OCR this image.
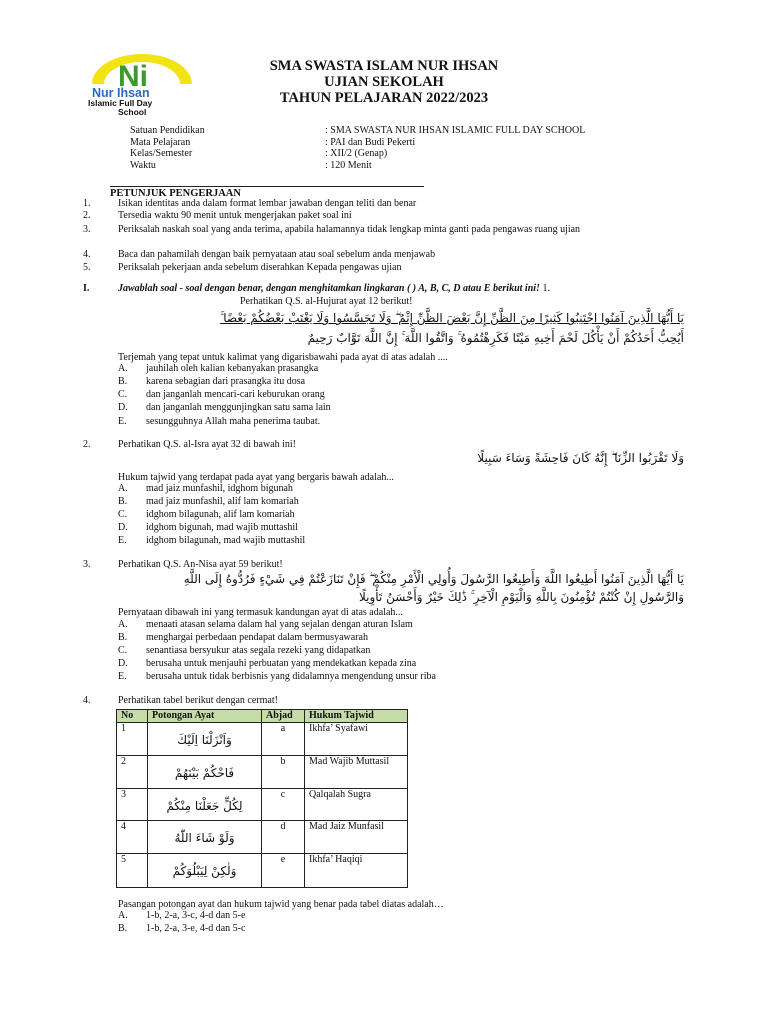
Ni
Nur Ihsan
Islamic Full Day
School
SMA SWASTA ISLAM NUR IHSAN
UJIAN SEKOLAH
TAHUN PELAJARAN 2022/2023
Satuan Pendidikan	: SMA SWASTA NUR IHSAN ISLAMIC FULL DAY SCHOOL
Mata Pelajaran	: PAI dan Budi Pekerti
Kelas/Semester	: XII/2 (Genap)
Waktu	: 120 Menit
PETUNJUK PENGERJAAN
1.	Isikan identitas anda dalam format lembar jawaban dengan teliti dan benar
2.	Tersedia waktu 90 menit untuk mengerjakan paket soal ini
3.	Periksalah naskah soal yang anda terima, apabila halamannya tidak lengkap minta ganti pada pengawas ruang ujian
4.	Baca dan pahamilah dengan baik pernyataan atau soal sebelum anda menjawab
5.	Periksalah pekerjaan anda sebelum diserahkan Kepada pengawas ujian
I.	Jawablah soal - soal dengan benar, dengan menghitamkan lingkaran ( ) A, B, C, D atau E berikut ini! 1.
Perhatikan Q.S. al-Hujurat ayat 12 berikut!
يَا أَيُّهَا الَّذِينَ آمَنُوا اجْتَنِبُوا كَثِيرًا مِنَ الظَّنِّ إِنَّ بَعْضَ الظَّنِّ إِثْمٌ ۖ وَلَا تَجَسَّسُوا وَلَا يَغْتَبْ بَعْضُكُمْ بَعْضًا ۚ
أَيُحِبُّ أَحَدُكُمْ أَنْ يَأْكُلَ لَحْمَ أَخِيهِ مَيْتًا فَكَرِهْتُمُوهُ ۚ وَاتَّقُوا اللَّهَ ۚ إِنَّ اللَّهَ تَوَّابٌ رَحِيمٌ
Terjemah yang tepat untuk kalimat yang digarisbawahi pada ayat di atas adalah ....
A.	jauhilah oleh kalian kebanyakan prasangka
B.	karena sebagian dari prasangka itu dosa
C.	dan janganlah mencari-cari keburukan orang
D.	dan janganlah menggunjingkan satu sama lain
E.	sesungguhnya Allah maha penerima taubat.
2.	Perhatikan Q.S. al-Isra ayat 32 di bawah ini!
وَلَا تَقْرَبُوا الزِّنَا ۖ إِنَّهُ كَانَ فَاحِشَةً وَسَاءَ سَبِيلًا
Hukum tajwid yang terdapat pada ayat yang bergaris bawah adalah...
A.	mad jaiz munfashil, idghom bigunah
B.	mad jaiz munfashil, alif lam komariah
C.	idghom bilagunah, alif lam komariah
D.	idghom bigunah, mad wajib muttashil
E.	idghom bilagunah, mad wajib muttashil
3.	Perhatikan Q.S. An-Nisa ayat 59 berikut!
يَا أَيُّهَا الَّذِينَ آمَنُوا أَطِيعُوا اللَّهَ وَأَطِيعُوا الرَّسُولَ وَأُولِي الْأَمْرِ مِنْكُمْ ۖ فَإِنْ تَنَازَعْتُمْ فِي شَيْءٍ فَرُدُّوهُ إِلَى اللَّهِ
وَالرَّسُولِ إِنْ كُنْتُمْ تُؤْمِنُونَ بِاللَّهِ وَالْيَوْمِ الْآخِرِ ۚ ذَٰلِكَ خَيْرٌ وَأَحْسَنُ تَأْوِيلًا
Pernyataan dibawah ini yang termasuk kandungan ayat di atas adalah...
A.	menaati atasan selama dalam hal yang sejalan dengan aturan Islam
B.	menghargai perbedaan pendapat dalam bermusyawarah
C.	senantiasa bersyukur atas segala rezeki yang didapatkan
D.	berusaha untuk menjauhi perbuatan yang mendekatkan kepada zina
E.	berusaha untuk tidak berbisnis yang didalamnya mengendung unsur riba
4.	Perhatikan tabel berikut dengan cermat!
No	Potongan Ayat	Abjad	Hukum Tajwid
1	وَاَنْزَلْنَا اِلَيْكَ	a	Ikhfa’ Syafawi
2	فَاحْكُمْ بَيْنَهُمْ	b	Mad Wajib Muttasil
3	لِكُلٍّ جَعَلْنَا مِنْكُمْ	c	Qalqalah Sugra
4	وَلَوْ شَاءَ اللّٰهُ	d	Mad Jaiz Munfasil
5	وَلٰكِنْ لِيَبْلُوَكُمْ	e	Ikhfa’ Haqiqi
Pasangan potongan ayat dan hukum tajwid yang benar pada tabel diatas adalah…
A.	1-b, 2-a, 3-c, 4-d dan 5-e
B.	1-b, 2-a, 3-e, 4-d dan 5-c
